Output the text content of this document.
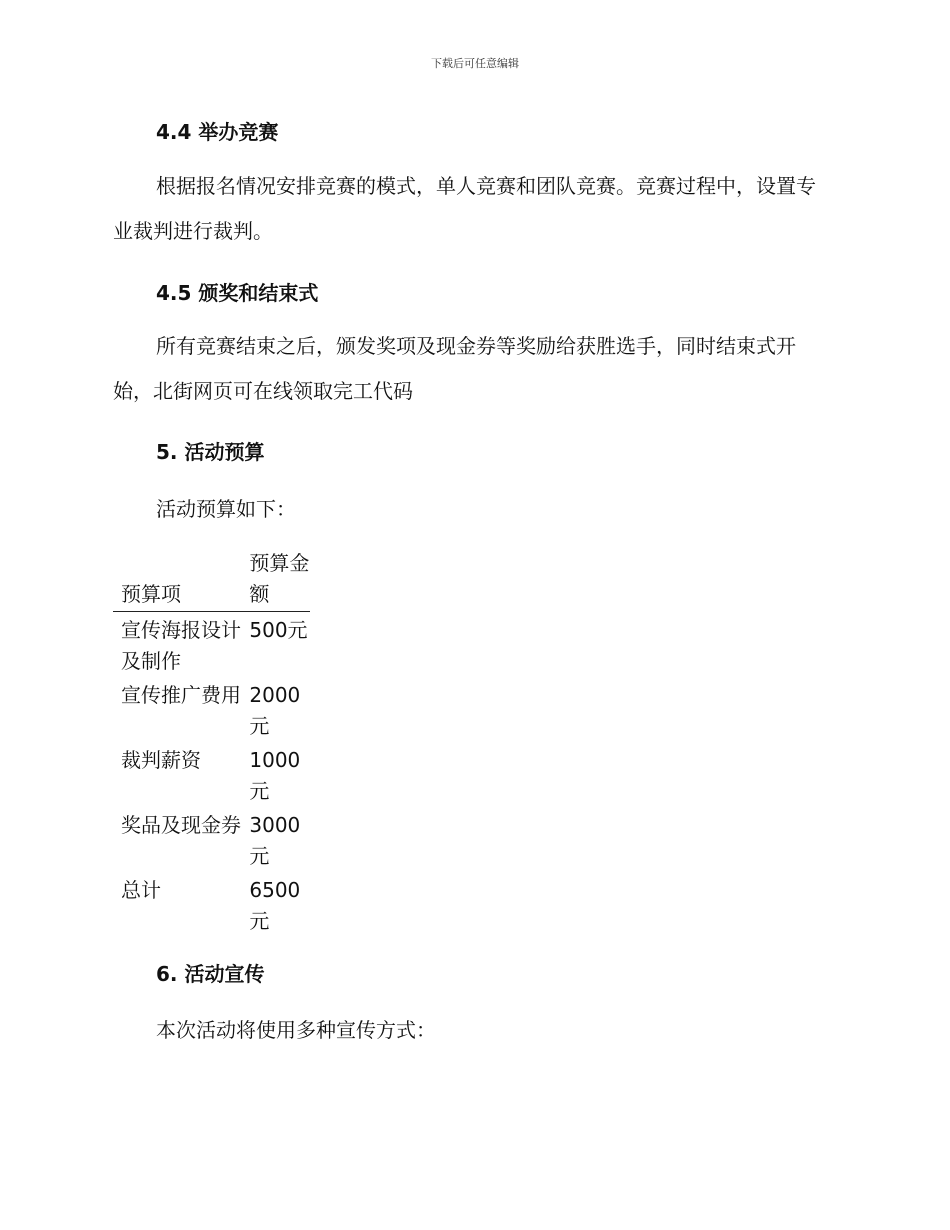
下载后可任意编辑
4.4 举办竞赛

根据报名情况安排竞赛的模式，单人竞赛和团队竞赛。竞赛过程中，设置专业裁判进行裁判。

4.5 颁奖和结束式

所有竞赛结束之后，颁发奖项及现金券等奖励给获胜选手，同时结束式开始，北街网页可在线领取完工代码

5. 活动预算
活动预算如下：
预算项	预算金额
宣传海报设计及制作	500元
宣传推广费用	2000元
裁判薪资	1000元
奖品及现金券	3000元
总计	6500元
6. 活动宣传
本次活动将使用多种宣传方式：
